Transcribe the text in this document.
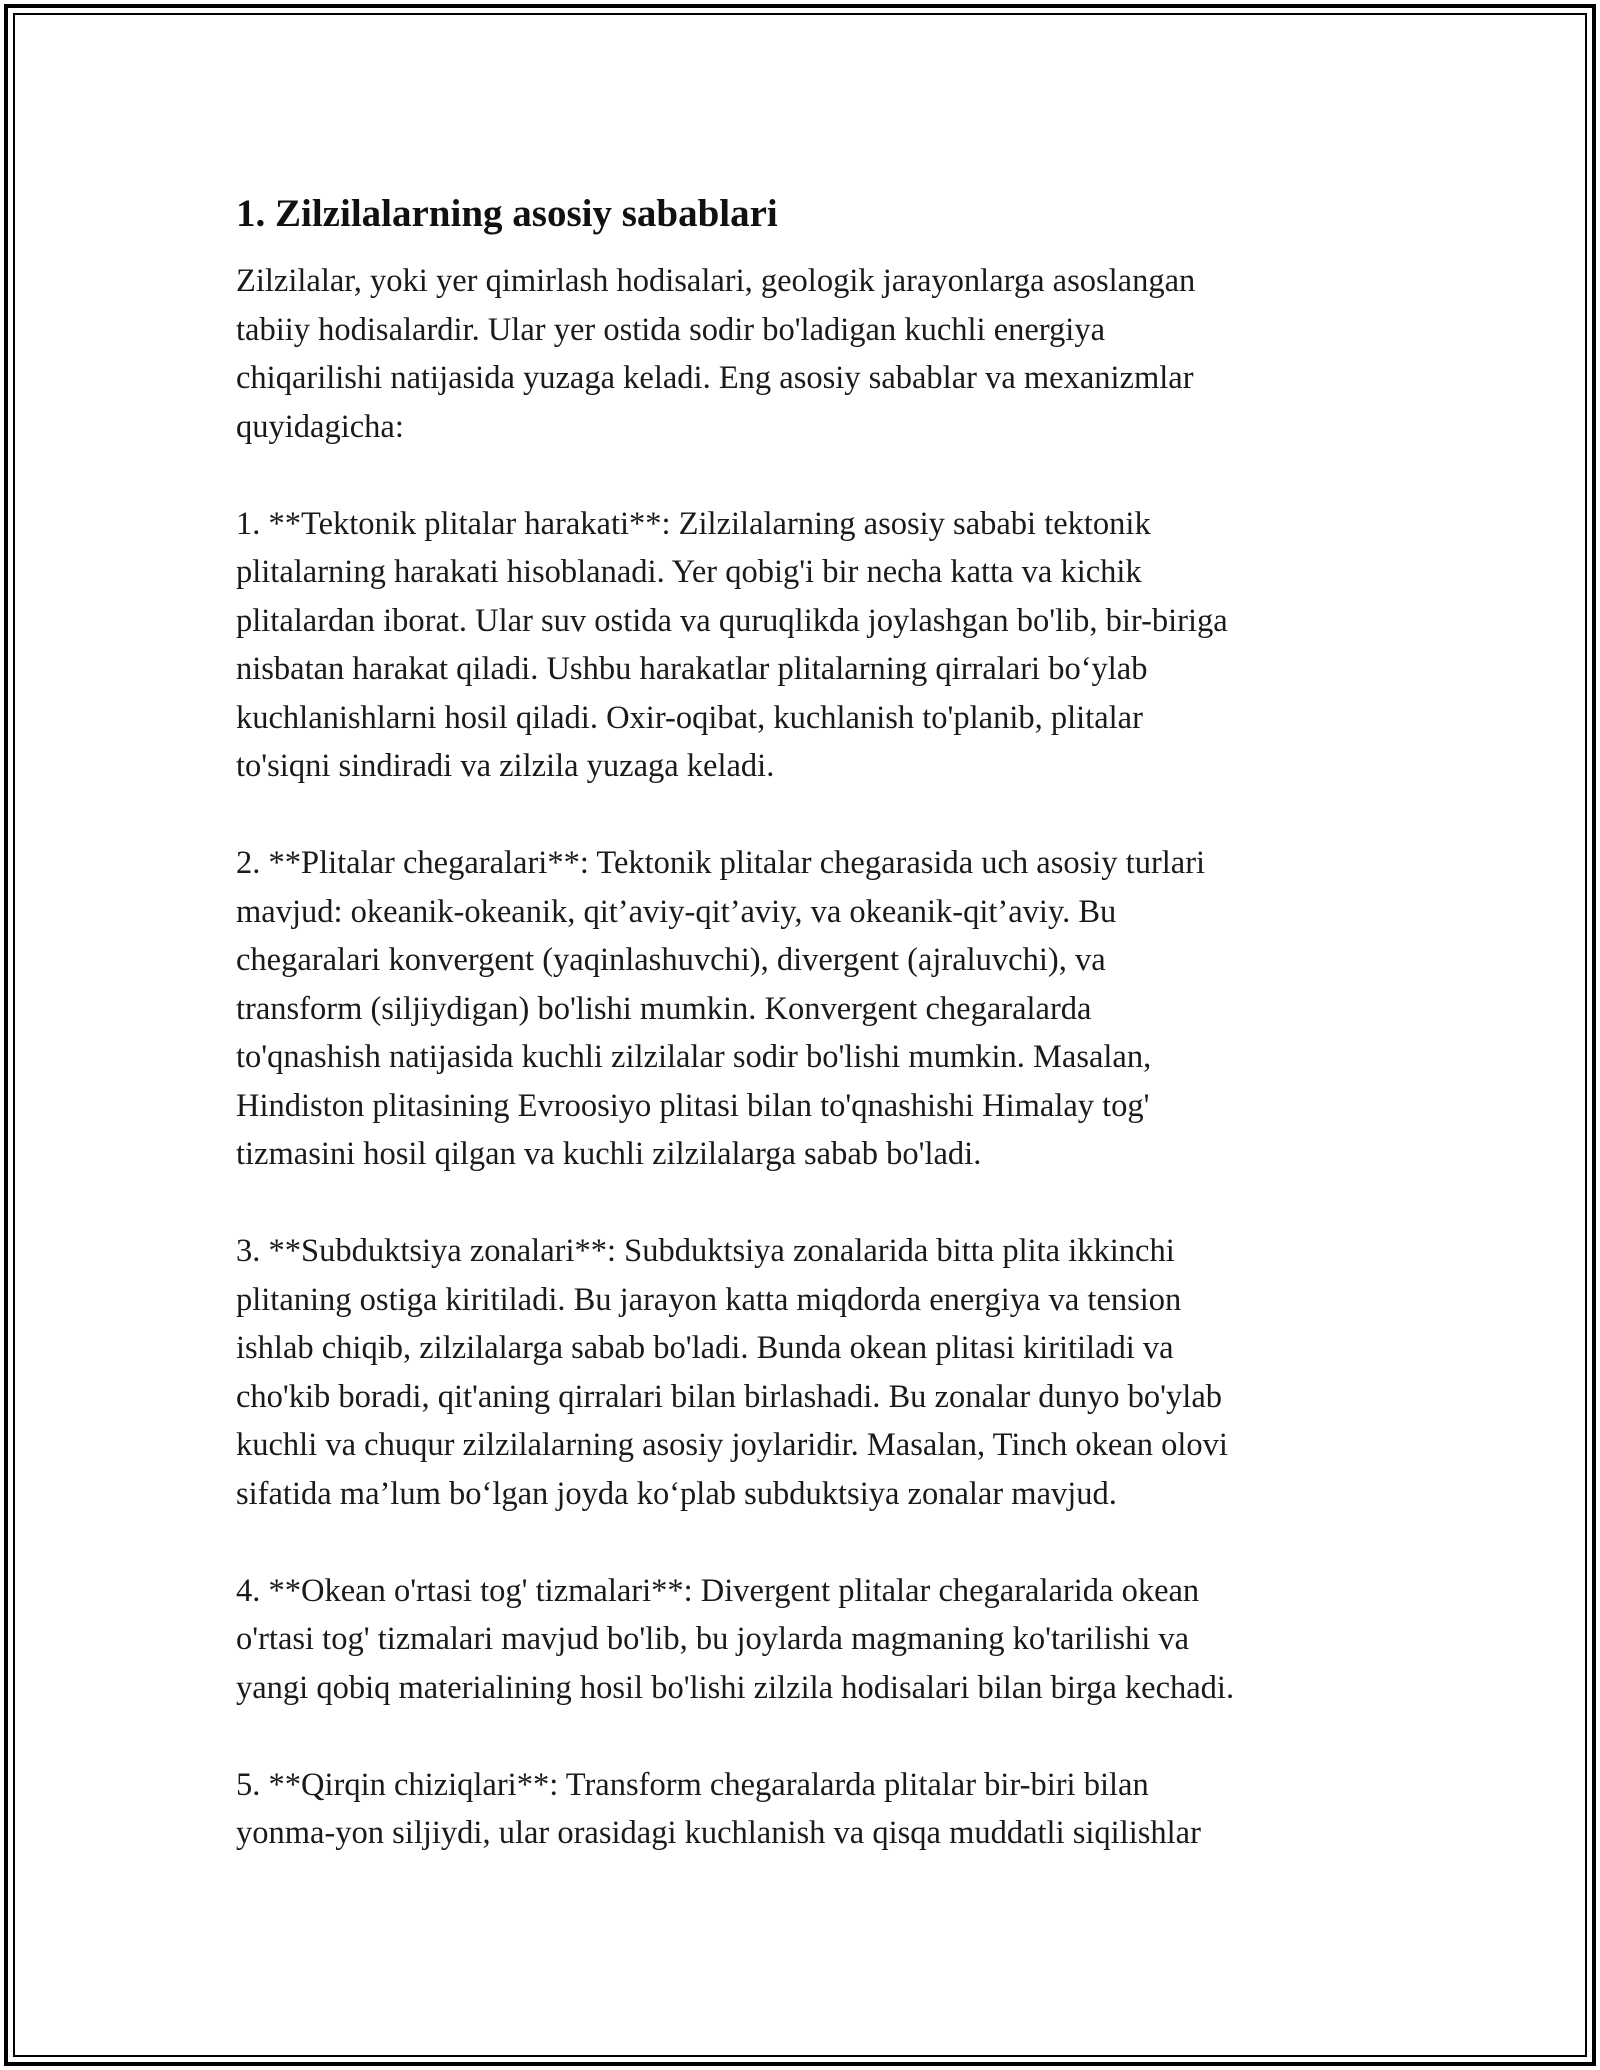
1. Zilzilalarning asosiy sabablari

Zilzilalar, yoki yer qimirlash hodisalari, geologik jarayonlarga asoslangan
tabiiy hodisalardir. Ular yer ostida sodir bo'ladigan kuchli energiya
chiqarilishi natijasida yuzaga keladi. Eng asosiy sabablar va mexanizmlar
quyidagicha:

1. **Tektonik plitalar harakati**: Zilzilalarning asosiy sababi tektonik
plitalarning harakati hisoblanadi. Yer qobig'i bir necha katta va kichik
plitalardan iborat. Ular suv ostida va quruqlikda joylashgan bo'lib, bir-biriga
nisbatan harakat qiladi. Ushbu harakatlar plitalarning qirralari bo‘ylab
kuchlanishlarni hosil qiladi. Oxir-oqibat, kuchlanish to'planib, plitalar
to'siqni sindiradi va zilzila yuzaga keladi.

2. **Plitalar chegaralari**: Tektonik plitalar chegarasida uch asosiy turlari
mavjud: okeanik-okeanik, qit’aviy-qit’aviy, va okeanik-qit’aviy. Bu
chegaralari konvergent (yaqinlashuvchi), divergent (ajraluvchi), va
transform (siljiydigan) bo'lishi mumkin. Konvergent chegaralarda
to'qnashish natijasida kuchli zilzilalar sodir bo'lishi mumkin. Masalan,
Hindiston plitasining Evroosiyo plitasi bilan to'qnashishi Himalay tog'
tizmasini hosil qilgan va kuchli zilzilalarga sabab bo'ladi.

3. **Subduktsiya zonalari**: Subduktsiya zonalarida bitta plita ikkinchi
plitaning ostiga kiritiladi. Bu jarayon katta miqdorda energiya va tension
ishlab chiqib, zilzilalarga sabab bo'ladi. Bunda okean plitasi kiritiladi va
cho'kib boradi, qit'aning qirralari bilan birlashadi. Bu zonalar dunyo bo'ylab
kuchli va chuqur zilzilalarning asosiy joylaridir. Masalan, Tinch okean olovi
sifatida ma’lum bo‘lgan joyda ko‘plab subduktsiya zonalar mavjud.

4. **Okean o'rtasi tog' tizmalari**: Divergent plitalar chegaralarida okean
o'rtasi tog' tizmalari mavjud bo'lib, bu joylarda magmaning ko'tarilishi va
yangi qobiq materialining hosil bo'lishi zilzila hodisalari bilan birga kechadi.

5. **Qirqin chiziqlari**: Transform chegaralarda plitalar bir-biri bilan
yonma-yon siljiydi, ular orasidagi kuchlanish va qisqa muddatli siqilishlar
